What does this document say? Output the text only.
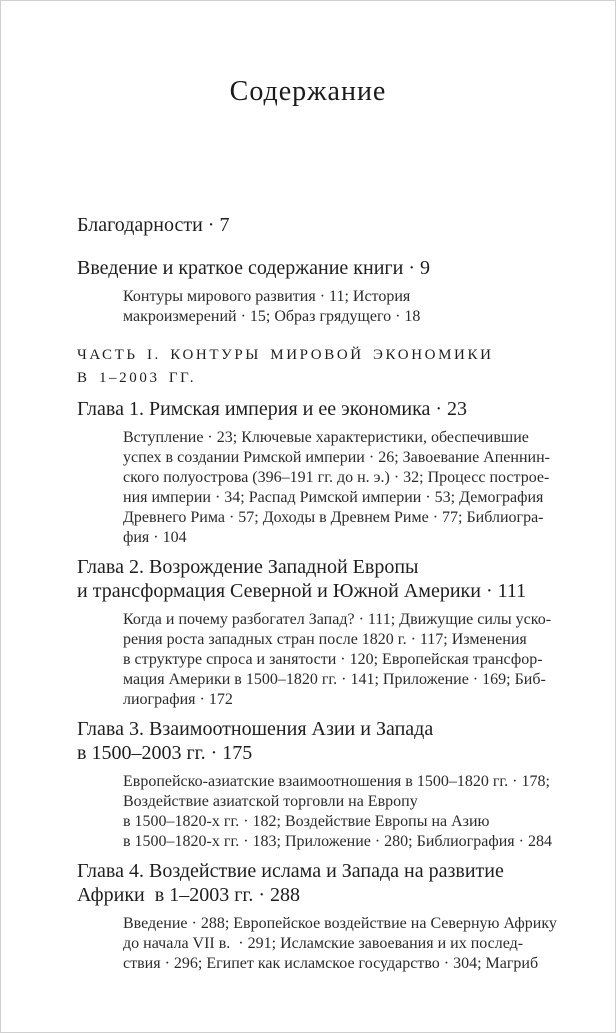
Содержание
Благодарности · 7
Введение и краткое содержание книги · 9
Контуры мирового развития · 11; История
макроизмерений · 15; Образ грядущего · 18
ЧАСТЬ I. КОНТУРЫ МИРОВОЙ ЭКОНОМИКИ
В 1–2003 ГГ.
Глава 1. Римская империя и ее экономика · 23
Вступление · 23; Ключевые характеристики, обеспечившие
успех в создании Римской империи · 26; Завоевание Апеннин-
ского полуострова (396–191 гг. до н. э.) · 32; Процесс построе-
ния империи · 34; Распад Римской империи · 53; Демография
Древнего Рима · 57; Доходы в Древнем Риме · 77; Библиогра-
фия · 104
Глава 2. Возрождение Западной Европы
и трансформация Северной и Южной Америки · 111
Когда и почему разбогател Запад? · 111; Движущие силы уско-
рения роста западных стран после 1820 г. · 117; Изменения
в структуре спроса и занятости · 120; Европейская трансфор-
мация Америки в 1500–1820 гг. · 141; Приложение · 169; Биб-
лиография · 172
Глава 3. Взаимоотношения Азии и Запада
в 1500–2003 гг. · 175
Европейско-азиатские взаимоотношения в 1500–1820 гг. · 178;
Воздействие азиатской торговли на Европу
в 1500–1820-х гг. · 182; Воздействие Европы на Азию
в 1500–1820-х гг. · 183; Приложение · 280; Библиография · 284
Глава 4. Воздействие ислама и Запада на развитие
Африки  в 1–2003 гг. · 288
Введение · 288; Европейское воздействие на Северную Африку
до начала VII в.  · 291; Исламские завоевания и их послед-
ствия · 296; Египет как исламское государство · 304; Магриб
